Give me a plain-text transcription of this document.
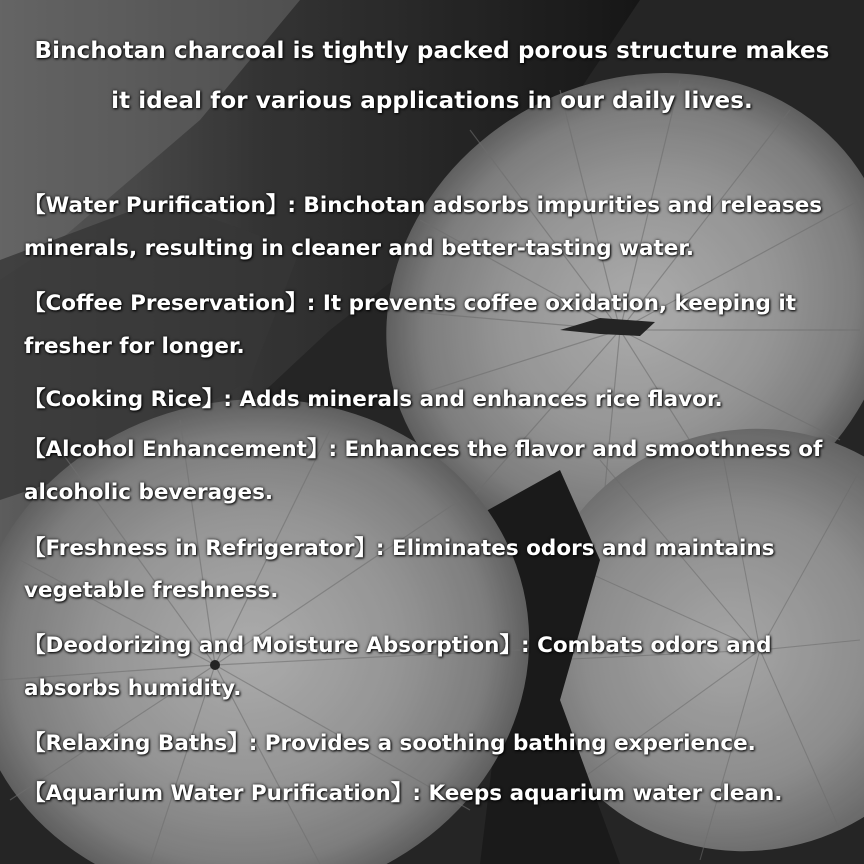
Binchotan charcoal is tightly packed porous structure makes
it ideal for various applications in our daily lives.
【Water Purification】: Binchotan adsorbs impurities and releases
minerals, resulting in cleaner and better-tasting water.
【Coffee Preservation】: It prevents coffee oxidation, keeping it
fresher for longer.
【Cooking Rice】: Adds minerals and enhances rice flavor.
【Alcohol Enhancement】: Enhances the flavor and smoothness of
alcoholic beverages.
【Freshness in Refrigerator】: Eliminates odors and maintains
vegetable freshness.
【Deodorizing and Moisture Absorption】: Combats odors and
absorbs humidity.
【Relaxing Baths】: Provides a soothing bathing experience.
【Aquarium Water Purification】: Keeps aquarium water clean.
